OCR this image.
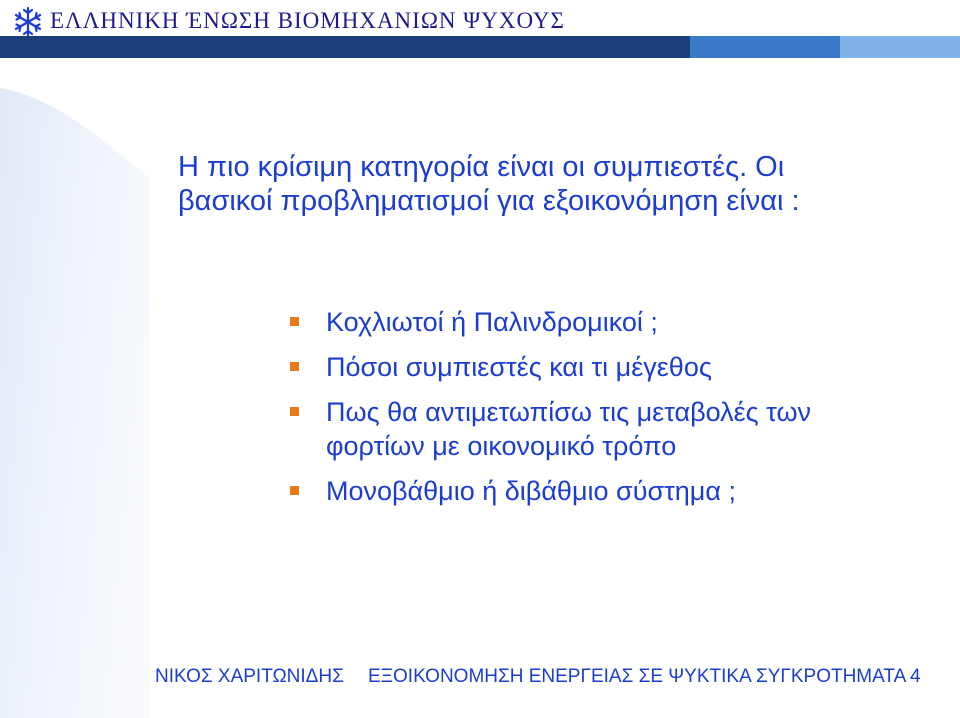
ΕΛΛΗΝΙΚΗ ΈΝΩΣΗ ΒΙΟΜΗΧΑΝΙΩΝ ΨΥΧΟΥΣ
Η πιο κρίσιμη κατηγορία είναι οι συμπιεστές. Οι
βασικοί προβληματισμοί για εξοικονόμηση είναι :
Κοχλιωτοί ή Παλινδρομικοί ;
Πόσοι συμπιεστές και τι μέγεθος
Πως θα αντιμετωπίσω τις μεταβολές των
φορτίων με οικονομικό τρόπο
Μονοβάθμιο ή διβάθμιο σύστημα ;
ΝΙΚΟΣ ΧΑΡΙΤΩΝΙΔΗΣ ΕΞΟΙΚΟΝΟΜΗΣΗ ΕΝΕΡΓΕΙΑΣ ΣΕ ΨΥΚΤΙΚΑ ΣΥΓΚΡΟΤΗΜΑΤΑ 4
